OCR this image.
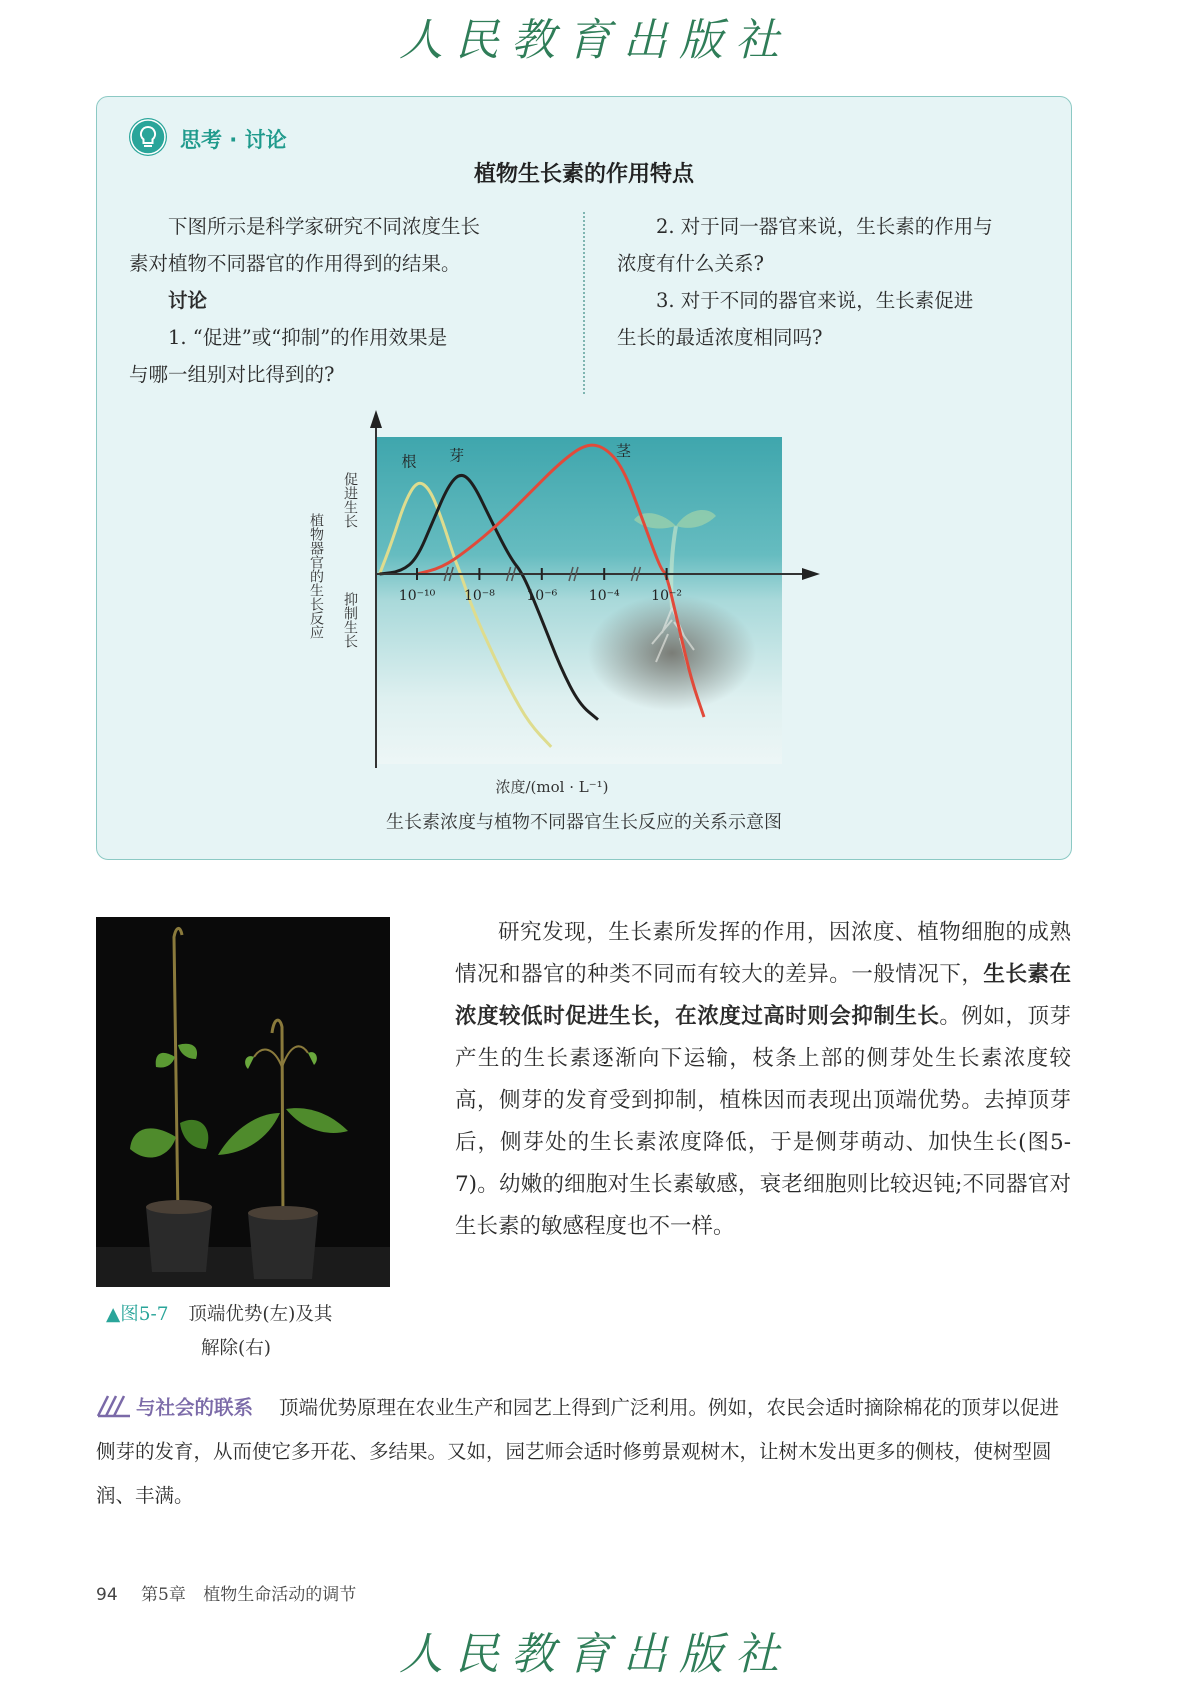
人民教育出版社
思考 · 讨论
植物生长素的作用特点

下图所示是科学家研究不同浓度生长

素对植物不同器官的作用得到的结果。

讨论

1. “促进”或“抑制”的作用效果是

与哪一组别对比得到的?

2. 对于同一器官来说，生长素的作用与

浓度有什么关系?

3. 对于不同的器官来说，生长素促进

生长的最适浓度相同吗?

10⁻¹⁰ 10⁻⁸ 10⁻⁶ 10⁻⁴ 10⁻²
根 芽	茎
促进生长
抑制生长
植物器官的生长反应
浓度/(mol · L⁻¹)
生长素浓度与植物不同器官生长反应的关系示意图
▲图5-7 顶端优势(左)及其
解除(右)

研究发现，生长素所发挥的作用，因浓度、植物细胞的成熟情况和器官的种类不同而有较大的差异。一般情况下，生长素在浓度较低时促进生长，在浓度过高时则会抑制生长。例如，顶芽产生的生长素逐渐向下运输，枝条上部的侧芽处生长素浓度较高，侧芽的发育受到抑制，植株因而表现出顶端优势。去掉顶芽后，侧芽处的生长素浓度降低，于是侧芽萌动、加快生长(图5-7)。幼嫩的细胞对生长素敏感，衰老细胞则比较迟钝;不同器官对生长素的敏感程度也不一样。

与社会的联系 顶端优势原理在农业生产和园艺上得到广泛利用。例如，农民会适时摘除棉花的顶芽以促进侧芽的发育，从而使它多开花、多结果。又如，园艺师会适时修剪景观树木，让树木发出更多的侧枝，使树型圆润、丰满。
94 第5章 植物生命活动的调节
人民教育出版社
